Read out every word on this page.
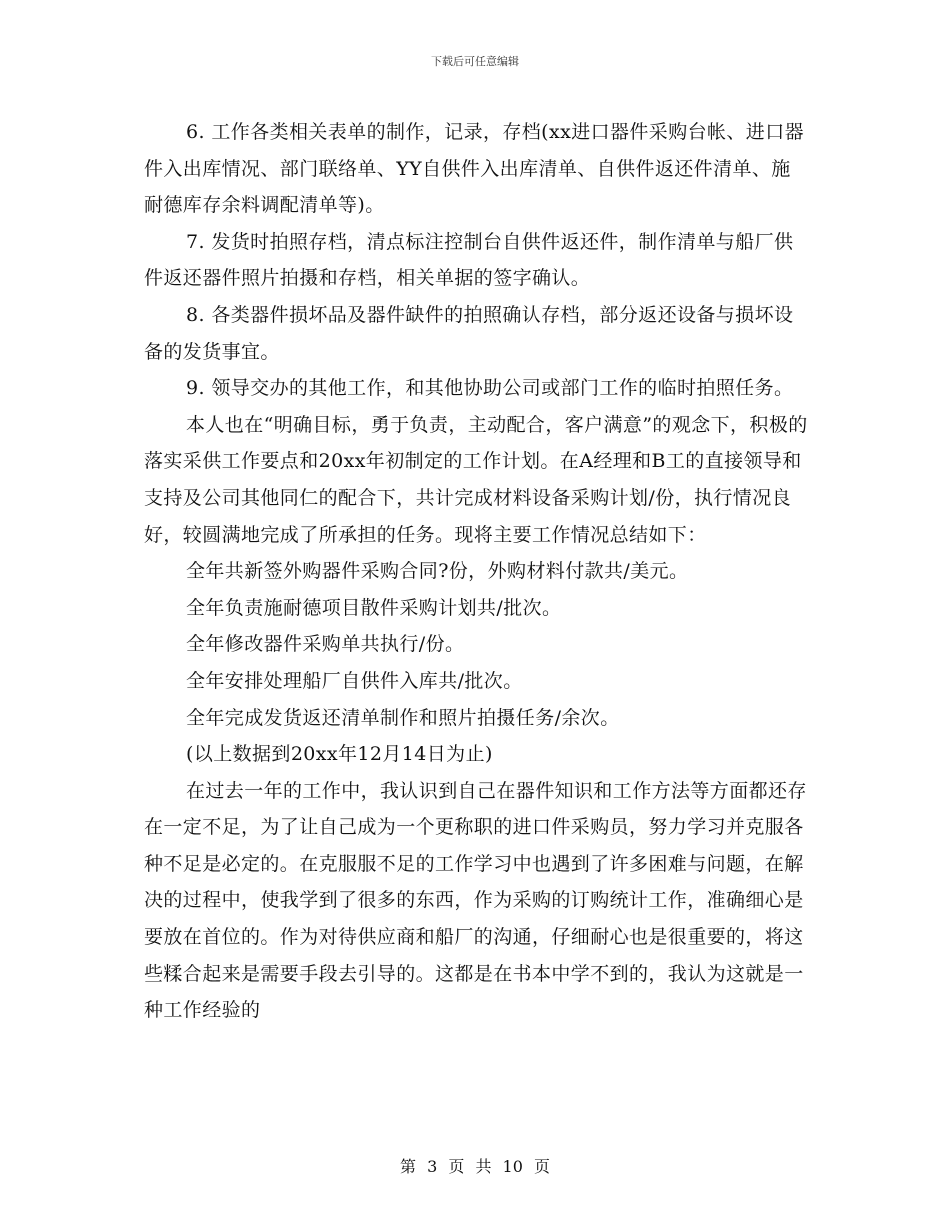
下载后可任意编辑

6. 工作各类相关表单的制作，记录，存档(xx进口器件采购台帐、进口器件入出库情况、部门联络单、YY自供件入出库清单、自供件返还件清单、施耐德库存余料调配清单等)。

7. 发货时拍照存档，清点标注控制台自供件返还件，制作清单与船厂供件返还器件照片拍摄和存档，相关单据的签字确认。

8. 各类器件损坏品及器件缺件的拍照确认存档，部分返还设备与损坏设备的发货事宜。

9. 领导交办的其他工作，和其他协助公司或部门工作的临时拍照任务。

本人也在“明确目标，勇于负责，主动配合，客户满意”的观念下，积极的落实采供工作要点和20xx年初制定的工作计划。在A经理和B工的直接领导和支持及公司其他同仁的配合下，共计完成材料设备采购计划/份，执行情况良好，较圆满地完成了所承担的任务。现将主要工作情况总结如下：

全年共新签外购器件采购合同?份，外购材料付款共/美元。

全年负责施耐德项目散件采购计划共/批次。

全年修改器件采购单共执行/份。

全年安排处理船厂自供件入库共/批次。

全年完成发货返还清单制作和照片拍摄任务/余次。

(以上数据到20xx年12月14日为止)

在过去一年的工作中，我认识到自己在器件知识和工作方法等方面都还存在一定不足，为了让自己成为一个更称职的进口件采购员，努力学习并克服各种不足是必定的。在克服服不足的工作学习中也遇到了许多困难与问题，在解决的过程中，使我学到了很多的东西，作为采购的订购统计工作，准确细心是要放在首位的。作为对待供应商和船厂的沟通，仔细耐心也是很重要的，将这些糅合起来是需要手段去引导的。这都是在书本中学不到的，我认为这就是一种工作经验的

第 3 页 共 10 页
